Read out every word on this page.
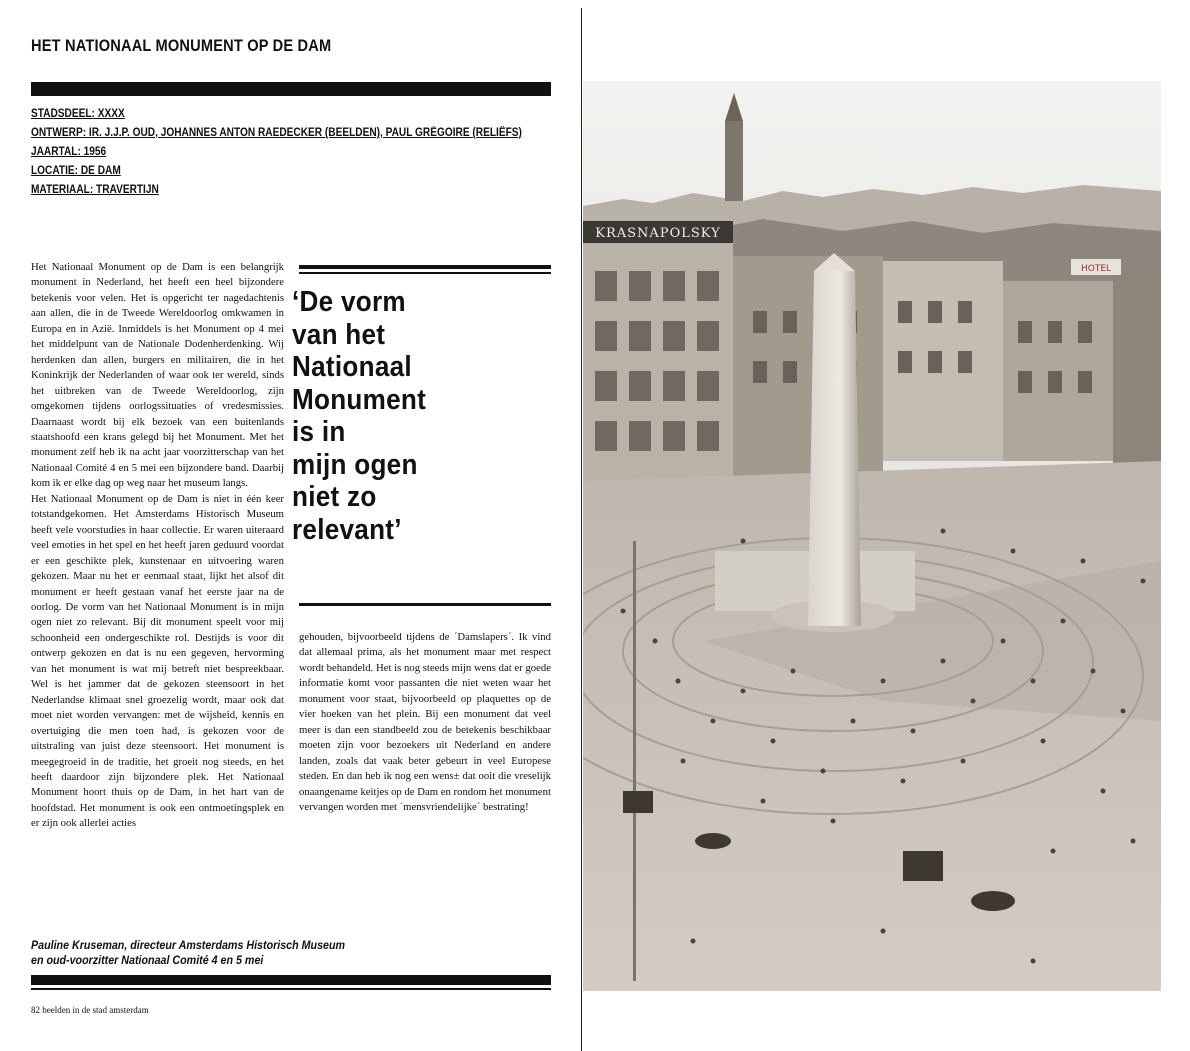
HET NATIONAAL MONUMENT OP DE DAM
STADSDEEL: XXXX
ONTWERP: IR. J.J.P. OUD, JOHANNES ANTON RAEDECKER (BEELDEN), PAUL GRÉGOIRE (RELIËFS)
JAARTAL: 1956
LOCATIE: DE DAM
MATERIAAL: TRAVERTIJN

Het Nationaal Monument op de Dam is een belangrijk monument in Nederland, het heeft een heel bijzondere betekenis voor velen. Het is opgericht ter nagedachtenis aan allen, die in de Tweede Wereldoorlog omkwamen in Europa en in Azië. Inmiddels is het Monument op 4 mei het middelpunt van de Nationale Dodenherdenking. Wij herdenken dan allen, burgers en militairen, die in het Koninkrijk der Nederlanden of waar ook ter wereld, sinds het uitbreken van de Tweede Wereldoorlog, zijn omgekomen tijdens oorlogssituaties of vredesmissies. Daarnaast wordt bij elk bezoek van een buitenlands staatshoofd een krans gelegd bij het Monument. Met het monument zelf heb ik na acht jaar voorzitterschap van het Nationaal Comité 4 en 5 mei een bijzondere band. Daarbij kom ik er elke dag op weg naar het museum langs.

Het Nationaal Monument op de Dam is niet in één keer totstandgekomen. Het Amsterdams Historisch Museum heeft vele voorstudies in haar collectie. Er waren uiteraard veel emoties in het spel en het heeft jaren geduurd voordat er een geschikte plek, kunstenaar en uitvoering waren gekozen. Maar nu het er eenmaal staat, lijkt het alsof dit monument er heeft gestaan vanaf het eerste jaar na de oorlog. De vorm van het Nationaal Monument is in mijn ogen niet zo relevant. Bij dit monument speelt voor mij schoonheid een ondergeschikte rol. Destijds is voor dit ontwerp gekozen en dat is nu een gegeven, hervorming van het monument is wat mij betreft niet bespreekbaar. Wel is het jammer dat de gekozen steensoort in het Nederlandse klimaat snel groezelig wordt, maar ook dat moet niet worden vervangen: met de wijsheid, kennis en overtuiging die men toen had, is gekozen voor de uitstraling van juist deze steensoort. Het monument is meegegroeid in de traditie, het groeit nog steeds, en het heeft daardoor zijn bijzondere plek. Het Nationaal Monument hoort thuis op de Dam, in het hart van de hoofdstad. Het monument is ook een ontmoetingsplek en er zijn ook allerlei acties

‘De vorm
van het
Nationaal
Monument
is in
mijn ogen
niet zo
relevant’

gehouden, bijvoorbeeld tijdens de ´Damslapers´. Ik vind dat allemaal prima, als het monument maar met respect wordt behandeld. Het is nog steeds mijn wens dat er goede informatie komt voor passanten die niet weten waar het monument voor staat, bijvoorbeeld op plaquettes op de vier hoeken van het plein. Bij een monument dat veel meer is dan een standbeeld zou de betekenis beschikbaar moeten zijn voor bezoekers uit Nederland en andere landen, zoals dat vaak beter gebeurt in veel Europese steden. En dan heb ik nog een wens± dat ooit die vreselijk onaangename keitjes op de Dam en rondom het monument vervangen worden met ´mensvriendelijke´ bestrating!

Pauline Kruseman, directeur Amsterdams Historisch Museum
en oud-voorzitter Nationaal Comité 4 en 5 mei
82 beelden in de stad amsterdam
KRASNAPOLSKY
HOTEL
